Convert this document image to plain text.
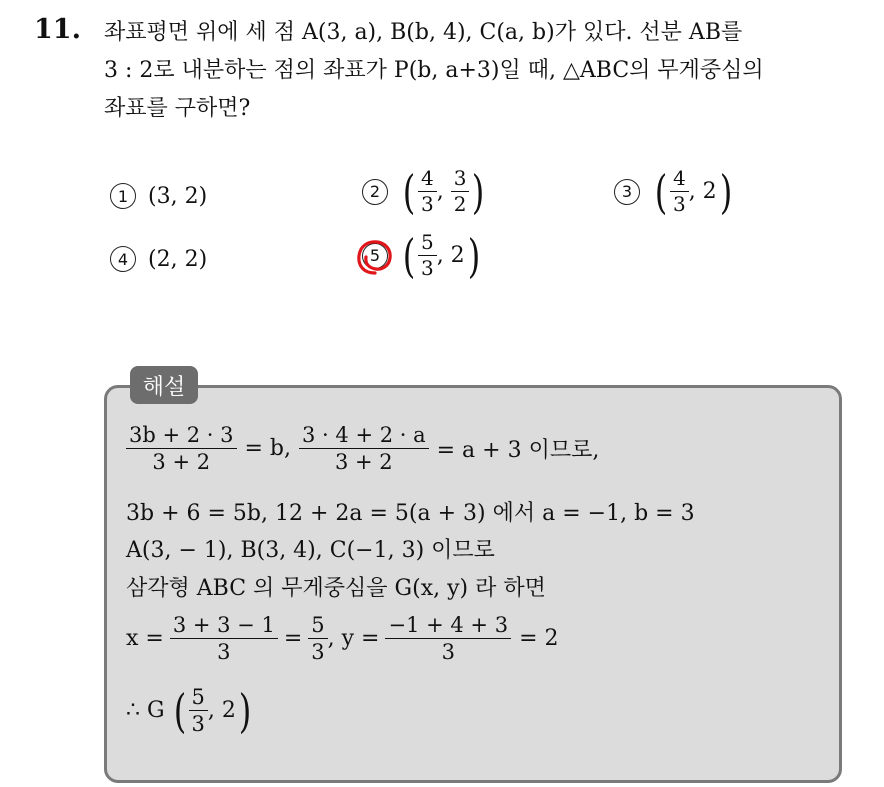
11. 좌표평면 위에 세 점 A(3, a), B(b, 4), C(a, b)가 있다. 선분 AB를
3 : 2로 내분하는 점의 좌표가 P(b, a+3)일 때, △ABC의 무게중심의
좌표를 구하면?
1 (3, 2)	2 ( $\frac{4}{3}$ , $\frac{3}{2}$ )	3 ( $\frac{4}{3}$ , 2 )
4 (2, 2)	5 ( $\frac{5}{3}$ , 2 )
해설
$\frac{3b + 2 \cdot 3}{3 + 2} = b$, $\frac{3 \cdot 4 + 2 \cdot a}{3 + 2} = a + 3$ 이므로,
3b + 6 = 5b, 12 + 2a = 5(a + 3) 에서 a = −1, b = 3
A(3, − 1), B(3, 4), C(−1, 3) 이므로
삼각형 ABC 의 무게중심을 G(x, y) 라 하면
$x = \frac{3 + 3 - 1}{3} = \frac{5}{3}$ , $y = \frac{-1 + 4 + 3}{3} = 2$
∴ G ( $\frac{5}{3}$ , 2 )
